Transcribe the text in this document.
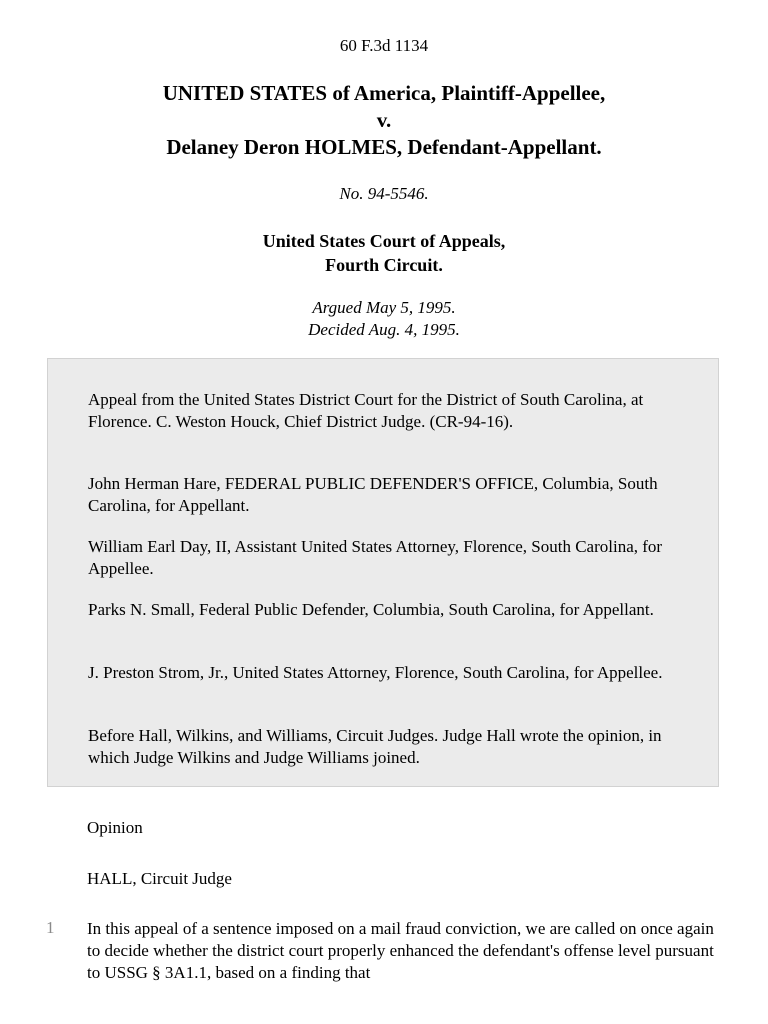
60 F.3d 1134
UNITED STATES of America, Plaintiff-Appellee,
v.
Delaney Deron HOLMES, Defendant-Appellant.
No. 94-5546.
United States Court of Appeals,
Fourth Circuit.
Argued May 5, 1995.
Decided Aug. 4, 1995.

Appeal from the United States District Court for the District of South Carolina, at Florence. C. Weston Houck, Chief District Judge. (CR-94-16).

John Herman Hare, FEDERAL PUBLIC DEFENDER'S OFFICE, Columbia, South Carolina, for Appellant.

William Earl Day, II, Assistant United States Attorney, Florence, South Carolina, for Appellee.

Parks N. Small, Federal Public Defender, Columbia, South Carolina, for Appellant.

J. Preston Strom, Jr., United States Attorney, Florence, South Carolina, for Appellee.

Before Hall, Wilkins, and Williams, Circuit Judges. Judge Hall wrote the opinion, in which Judge Wilkins and Judge Williams joined.

Opinion

HALL, Circuit Judge

1 In this appeal of a sentence imposed on a mail fraud conviction, we are called on once again to decide whether the district court properly enhanced the defendant's offense level pursuant to USSG § 3A1.1, based on a finding that
